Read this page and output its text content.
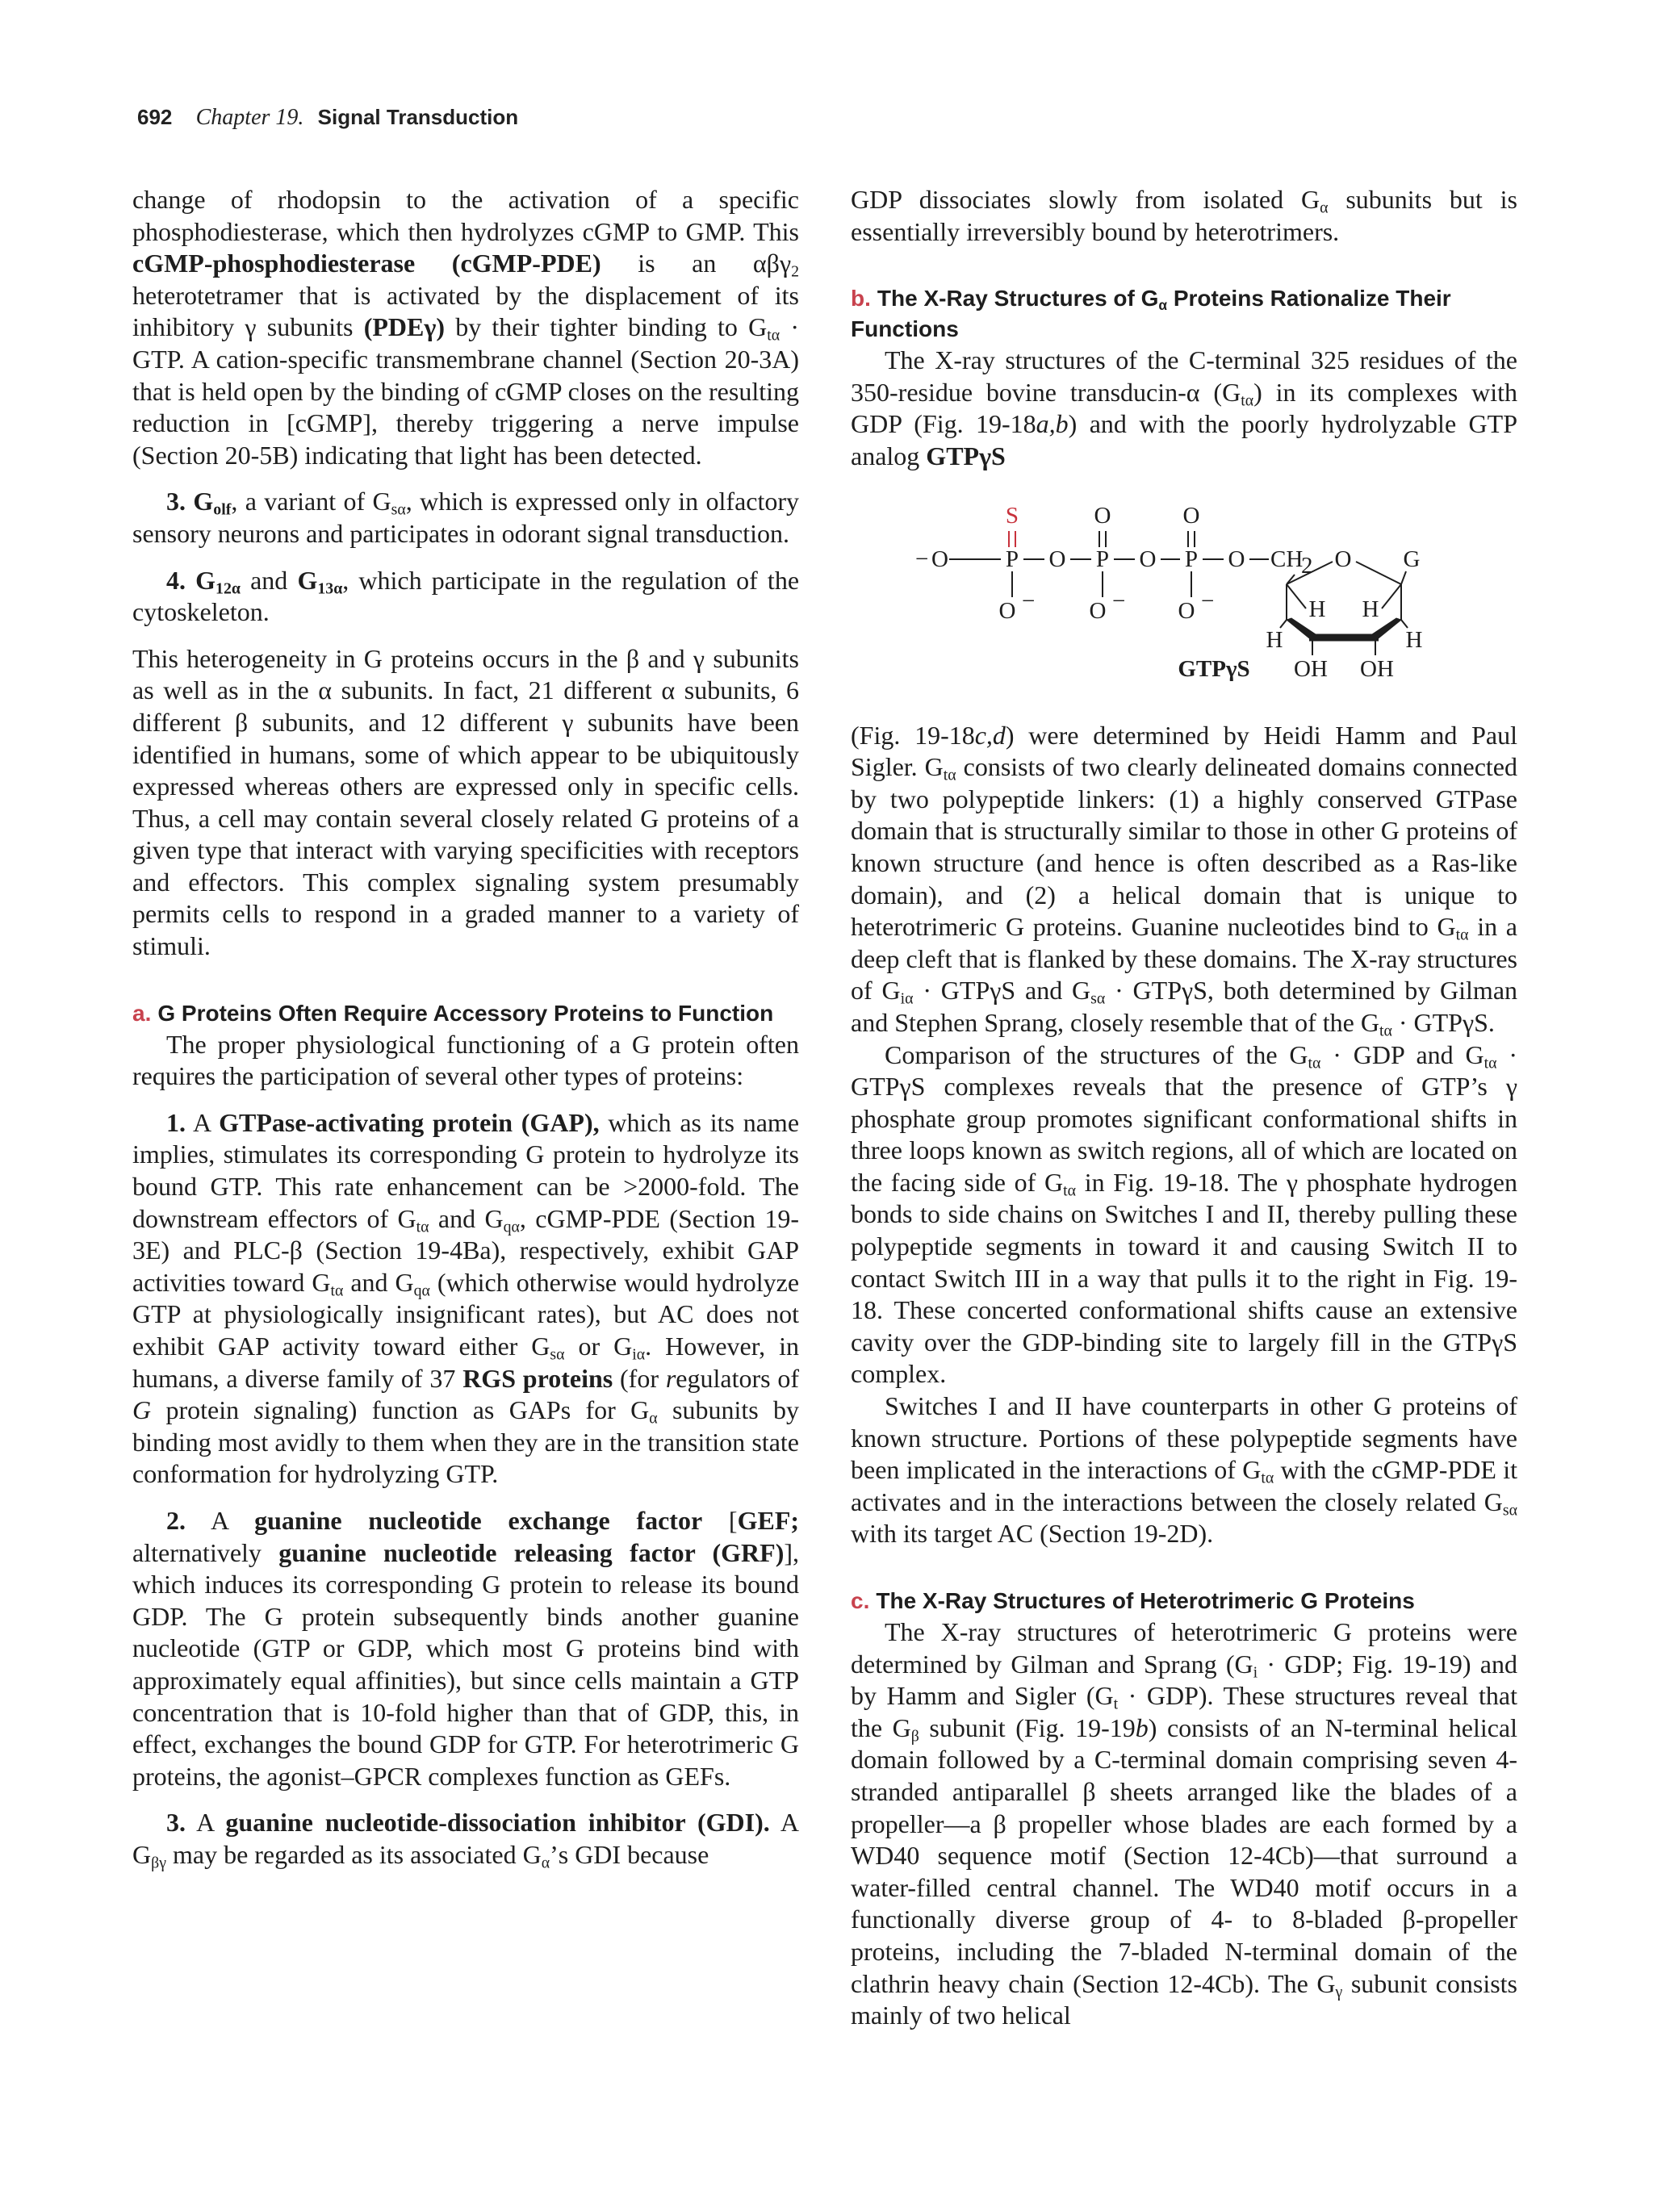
692 Chapter 19. Signal Transduction

change of rhodopsin to the activation of a specific phosphodiesterase, which then hydrolyzes cGMP to GMP. This cGMP-phosphodiesterase (cGMP-PDE) is an αβγ$_2$ heterotetramer that is activated by the displacement of its inhibitory γ subunits (PDEγ) by their tighter binding to $G_{t\alpha}$ · GTP. A cation-specific transmembrane channel (Section 20-3A) that is held open by the binding of cGMP closes on the resulting reduction in [cGMP], thereby triggering a nerve impulse (Section 20-5B) indicating that light has been detected.

3. $G_{olf}$, a variant of $G_{s\alpha}$, which is expressed only in olfactory sensory neurons and participates in odorant signal transduction.

4. $G_{12\alpha}$ and $G_{13\alpha}$, which participate in the regulation of the cytoskeleton.

This heterogeneity in G proteins occurs in the β and γ subunits as well as in the α subunits. In fact, 21 different α subunits, 6 different β subunits, and 12 different γ subunits have been identified in humans, some of which appear to be ubiquitously expressed whereas others are expressed only in specific cells. Thus, a cell may contain several closely related G proteins of a given type that interact with varying specificities with receptors and effectors. This complex signaling system presumably permits cells to respond in a graded manner to a variety of stimuli.

a. G Proteins Often Require Accessory Proteins to Function

The proper physiological functioning of a G protein often requires the participation of several other types of proteins:

1. A GTPase-activating protein (GAP), which as its name implies, stimulates its corresponding G protein to hydrolyze its bound GTP. This rate enhancement can be >2000-fold. The downstream effectors of $G_{t\alpha}$ and $G_{q\alpha}$, cGMP-PDE (Section 19-3E) and PLC-β (Section 19-4Ba), respectively, exhibit GAP activities toward $G_{t\alpha}$ and $G_{q\alpha}$ (which otherwise would hydrolyze GTP at physiologically insignificant rates), but AC does not exhibit GAP activity toward either $G_{s\alpha}$ or $G_{i\alpha}$. However, in humans, a diverse family of 37 RGS proteins (for regulators of G protein signaling) function as GAPs for $G_\alpha$ subunits by binding most avidly to them when they are in the transition state conformation for hydrolyzing GTP.

2. A guanine nucleotide exchange factor [GEF; alternatively guanine nucleotide releasing factor (GRF)], which induces its corresponding G protein to release its bound GDP. The G protein subsequently binds another guanine nucleotide (GTP or GDP, which most G proteins bind with approximately equal affinities), but since cells maintain a GTP concentration that is 10-fold higher than that of GDP, this, in effect, exchanges the bound GDP for GTP. For heterotrimeric G proteins, the agonist–GPCR complexes function as GEFs.

3. A guanine nucleotide-dissociation inhibitor (GDI). A $G_{\beta\gamma}$ may be regarded as its associated $G_\alpha’s$ GDI because

GDP dissociates slowly from isolated $G_\alpha$ subunits but is essentially irreversibly bound by heterotrimers.

b. The X-Ray Structures of $G_\alpha$ Proteins Rationalize Their Functions

The X-ray structures of the C-terminal 325 residues of the 350-residue bovine transducin-α $(G_{t\alpha})$ in its complexes with GDP (Fig. 19-18a,b) and with the poorly hydrolyzable GTP analog GTPγS

S	O	O
− O P O P O P O CH
2 O G
O − O − O −	H H
H	H
OH OH
GTPγS

(Fig. 19-18c,d) were determined by Heidi Hamm and Paul Sigler. $G_{t\alpha}$ consists of two clearly delineated domains connected by two polypeptide linkers: (1) a highly conserved GTPase domain that is structurally similar to those in other G proteins of known structure (and hence is often described as a Ras-like domain), and (2) a helical domain that is unique to heterotrimeric G proteins. Guanine nucleotides bind to $G_{t\alpha}$ in a deep cleft that is flanked by these domains. The X-ray structures of $G_{i\alpha} \cdot GTP\gamma S$ and $G_{s\alpha} \cdot GTP\gamma S$, both determined by Gilman and Stephen Sprang, closely resemble that of the $G_{t\alpha} \cdot GTP\gamma S$.

Comparison of the structures of the $G_{t\alpha}$ · GDP and $G_{t\alpha} \cdot GTP\gamma S$ complexes reveals that the presence of GTP’s γ phosphate group promotes significant conformational shifts in three loops known as switch regions, all of which are located on the facing side of $G_{t\alpha}$ in Fig. 19-18. The γ phosphate hydrogen bonds to side chains on Switches I and II, thereby pulling these polypeptide segments in toward it and causing Switch II to contact Switch III in a way that pulls it to the right in Fig. 19-18. These concerted conformational shifts cause an extensive cavity over the GDP-binding site to largely fill in the GTPγS complex.

Switches I and II have counterparts in other G proteins of known structure. Portions of these polypeptide segments have been implicated in the interactions of $G_{t\alpha}$ with the cGMP-PDE it activates and in the interactions between the closely related $G_{s\alpha}$ with its target AC (Section 19-2D).

c. The X-Ray Structures of Heterotrimeric G Proteins

The X-ray structures of heterotrimeric G proteins were determined by Gilman and Sprang ($G_i$ · GDP; Fig. 19-19) and by Hamm and Sigler $(G_t \cdot GDP)$. These structures reveal that the $G_\beta$ subunit (Fig. 19-19b) consists of an N-terminal helical domain followed by a C-terminal domain comprising seven 4-stranded antiparallel β sheets arranged like the blades of a propeller—a β propeller whose blades are each formed by a WD40 sequence motif (Section 12-4Cb)—that surround a water-filled central channel. The WD40 motif occurs in a functionally diverse group of 4- to 8-bladed β-propeller proteins, including the 7-bladed N-terminal domain of the clathrin heavy chain (Section 12-4Cb). The $G_\gamma$ subunit consists mainly of two helical
